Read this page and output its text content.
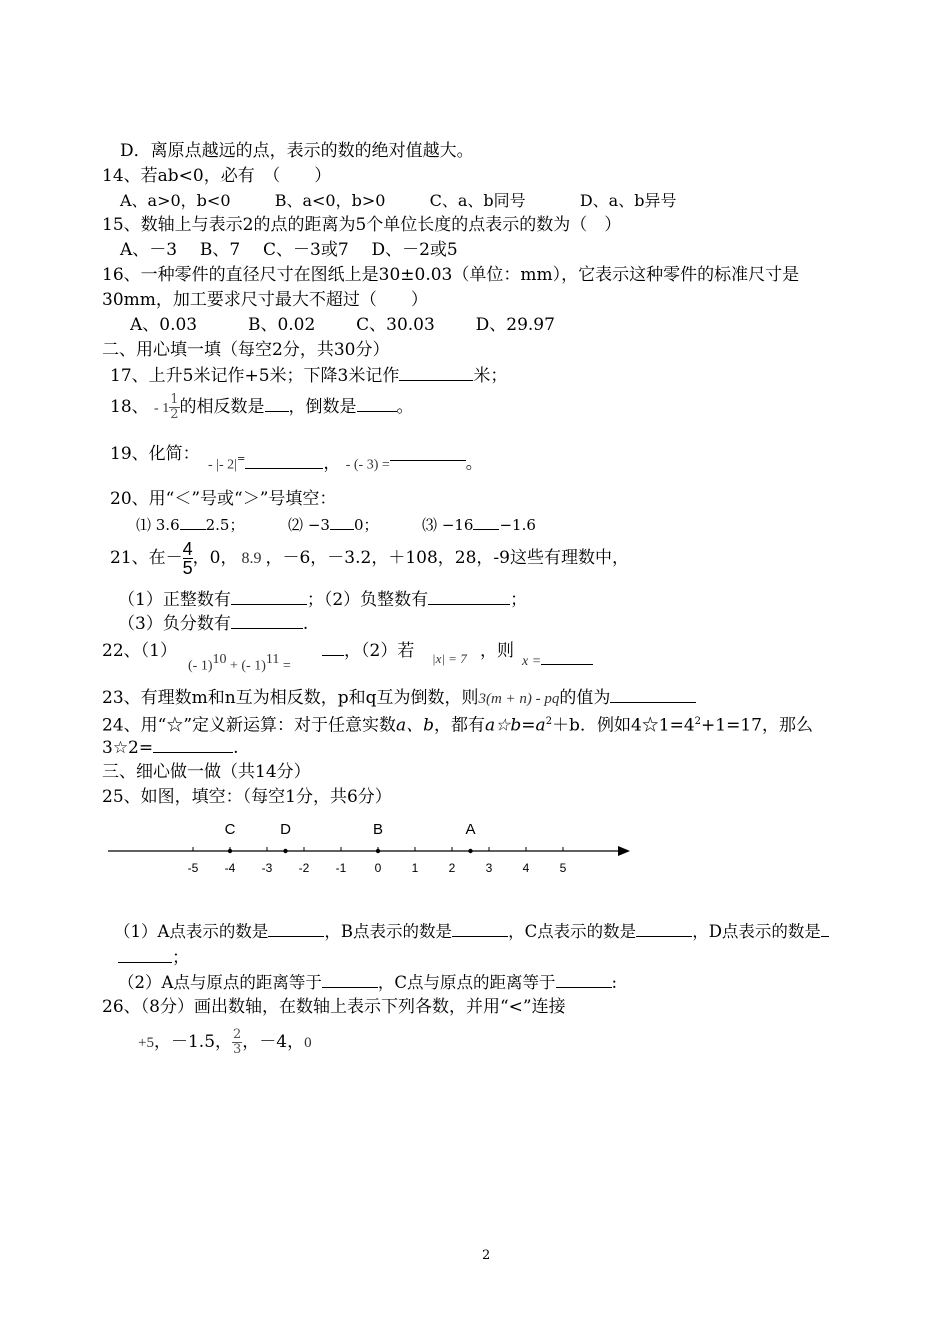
D．离原点越远的点，表示的数的绝对值越大。
14、若ab<0，必有　（　　）
A、a>0，b<0	B、a<0，b>0	C、a、b同号	D、a、b异号
15、数轴上与表示2的点的距离为5个单位长度的点表示的数为（　）
A、－3 B、7 C、－3或7 D、－2或5
16、一种零件的直径尺寸在图纸上是30±0.03（单位：mm），它表示这种零件的标准尺寸是
30mm，加工要求尺寸最大不超过（　　）
A、0.03	B、0.02 C、30.03 D、29.97
二、用心填一填（每空2分，共30分）
17、上升5米记作+5米；下降3米记作	米；
18、 - $1 \frac{1}{2}$ 的相反数是 ，倒数是 。
19、化简：
- |- 2|=	， - (- 3) =	。
20、用“＜”号或“＞”号填空：
⑴ 3.6 2.5；	⑵ −3 0；	⑶ −16 −1.6
21、在－ $\frac{4}{5}$ ，0， 8.9 ，－6，－3.2，＋108，28，-9这些有理数中，
（1）正整数有	；（2）负整数有	；
（3）负分数有	.
22、（1）
(- 1)$^{10}$ + (- 1)$^{11}$ =
，（2）若 |x| = 7 ，则
x =
23、有理数m和n互为相反数，p和q互为倒数，则3(m + n) - pq的值为
24、用“☆”定义新运算：对于任意实数a、b，都有$a☆b=a^2+b$．例如$4☆1=4^2+1=17$，那么
3☆2=	.
三、细心做一做（共14分）
25、如图，填空：（每空1分，共6分）
-5 -4 -3 -2 -1 0	1	2	3	4	5
C	D	B	A
（1）A点表示的数是	，B点表示的数是	，C点表示的数是	，D点表示的数是
；
（2）A点与原点的距离等于	，C点与原点的距离等于	:
26、（8分）画出数轴，在数轴上表示下列各数，并用“<”连接
+5，－1.5， $\frac{2}{3}$ ，－4，0
2
